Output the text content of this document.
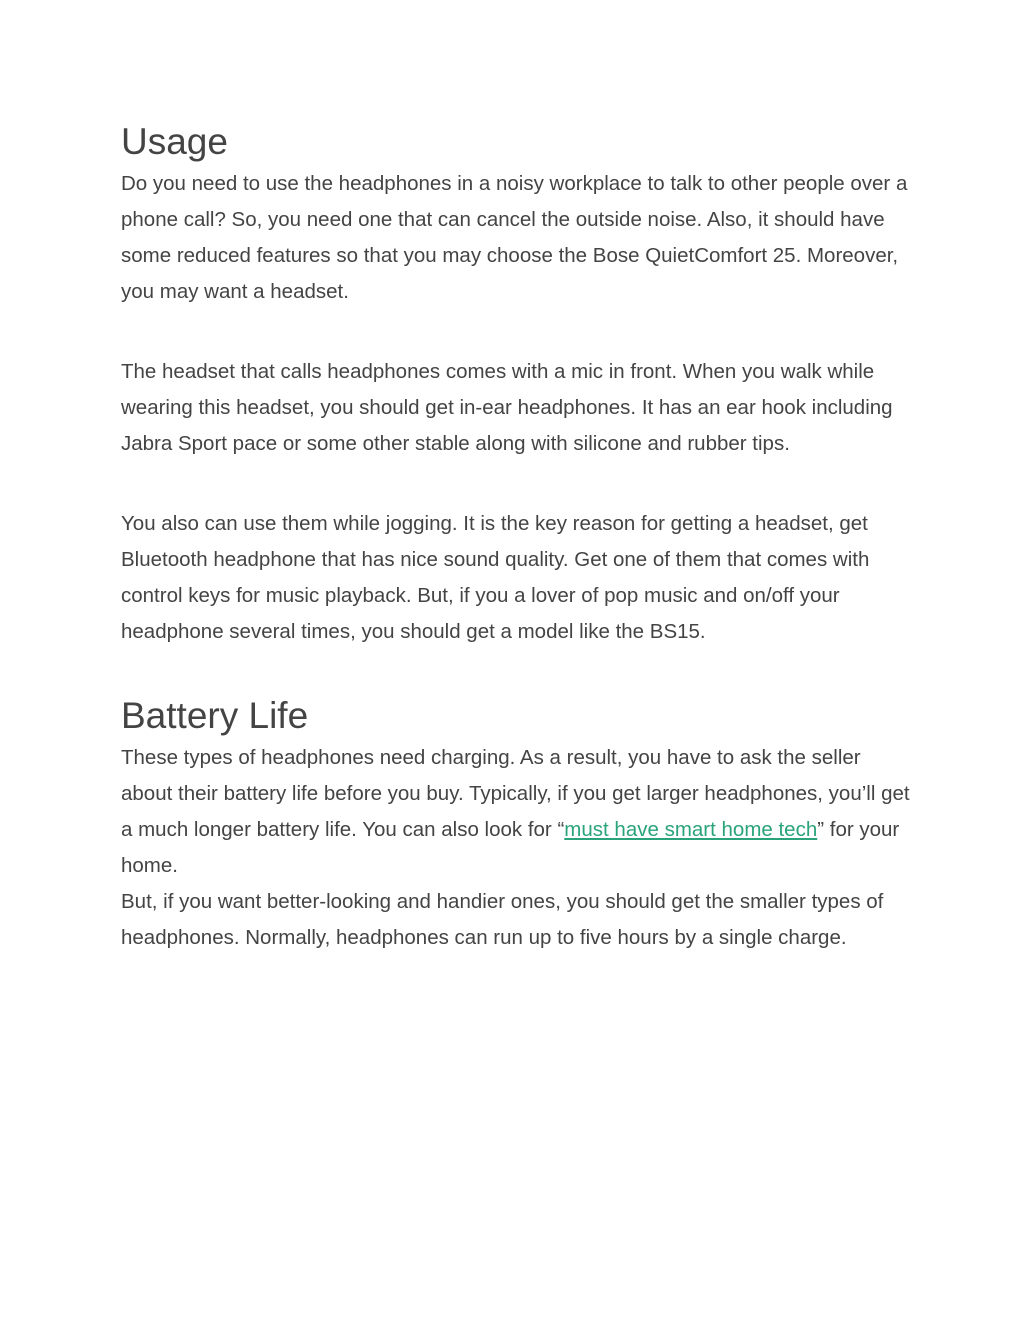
Usage

Do you need to use the headphones in a noisy workplace to talk to other people over a phone call? So, you need one that can cancel the outside noise. Also, it should have some reduced features so that you may choose the Bose QuietComfort 25. Moreover, you may want a headset.

The headset that calls headphones comes with a mic in front. When you walk while wearing this headset, you should get in-ear headphones. It has an ear hook including Jabra Sport pace or some other stable along with silicone and rubber tips.

You also can use them while jogging. It is the key reason for getting a headset, get Bluetooth headphone that has nice sound quality. Get one of them that comes with control keys for music playback. But, if you a lover of pop music and on/off your headphone several times, you should get a model like the BS15.

Battery Life

These types of headphones need charging. As a result, you have to ask the seller about their battery life before you buy. Typically, if you get larger headphones, you’ll get a much longer battery life. You can also look for “must have smart home tech” for your home.

But, if you want better-looking and handier ones, you should get the smaller types of headphones. Normally, headphones can run up to five hours by a single charge.
